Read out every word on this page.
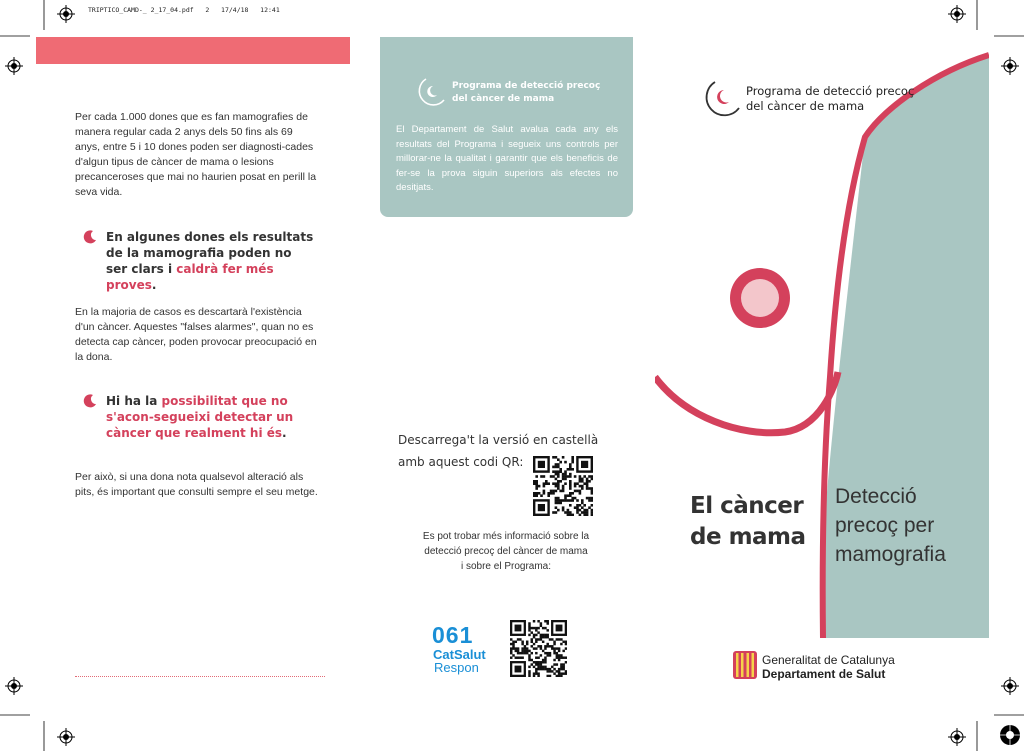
TRIPTICO_CAMD-_ 2_17_04.pdf   2   17/4/18   12:41
Per cada 1.000 dones que es fan mamografies de manera regular cada 2 anys dels 50 fins als 69 anys, entre 5 i 10 dones poden ser diagnosti-cades d'algun tipus de càncer de mama o lesions precanceroses que mai no haurien posat en perill la seva vida.
En algunes dones els resultats de la mamografia poden no ser clars i caldrà fer més proves.
En la majoria de casos es descartarà l'existència d'un càncer. Aquestes "falses alarmes", quan no es detecta cap càncer, poden provocar preocupació en la dona.
Hi ha la possibilitat que no s'acon-segueixi detectar un càncer que realment hi és.
Per això, si una dona nota qualsevol alteració als pits, és important que consulti sempre el seu metge.
Programa de detecció precoç
del càncer de mama
El Departament de Salut avalua cada any els resultats del Programa i segueix uns controls per millorar-ne la qualitat i garantir que els beneficis de fer-se la prova siguin superiors als efectes no desitjats.
Descarrega't la versió en castellà
amb aquest codi QR:
Es pot trobar més informació sobre la
detecció precoç del càncer de mama
i sobre el Programa:
061
CatSalut
Respon
Programa de detecció precoç
del càncer de mama
El càncer
de mama
Detecció
precoç per
mamografia
Generalitat de Catalunya
Departament de Salut
